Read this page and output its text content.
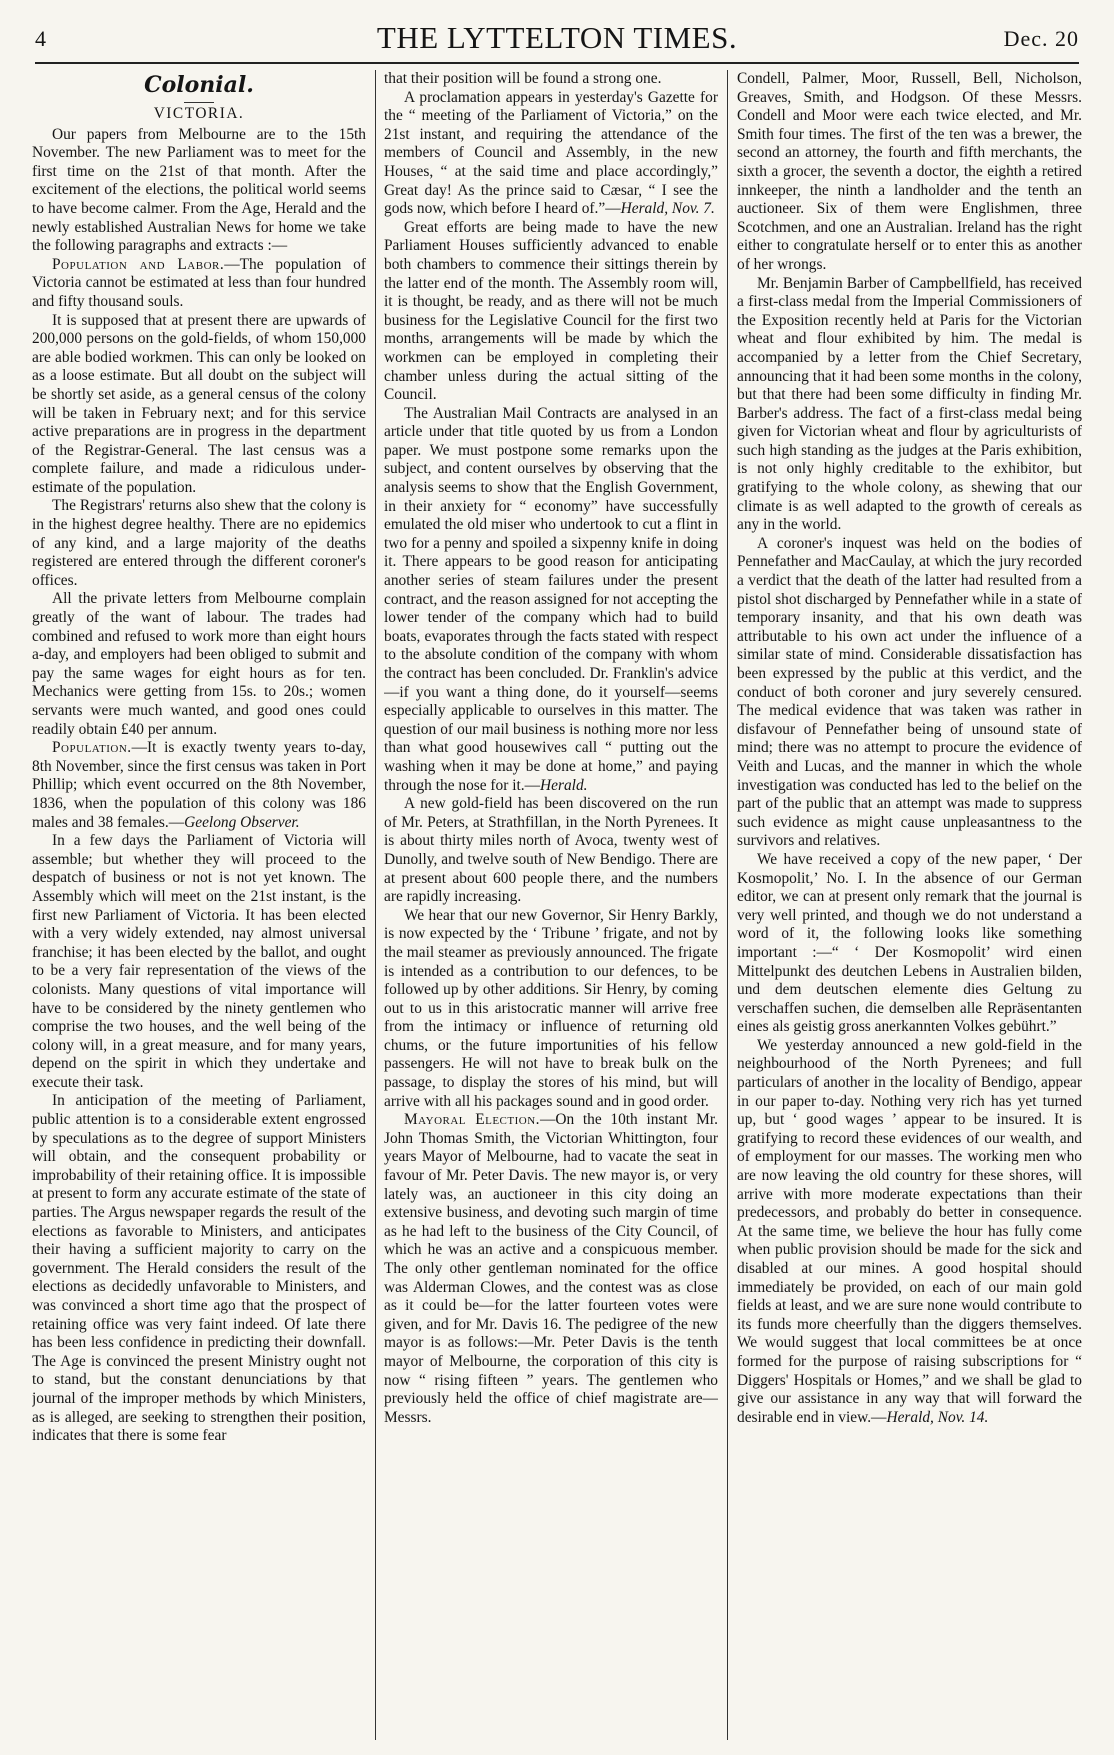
4	THE LYTTELTON TIMES.	Dec. 20
Colonial.
VICTORIA.

Our papers from Melbourne are to the 15th November. The new Parliament was to meet for the first time on the 21st of that month. After the excitement of the elections, the political world seems to have become calmer. From the Age, Herald and the newly established Australian News for home we take the following paragraphs and extracts :—

Population and Labor.—The population of Victoria cannot be estimated at less than four hundred and fifty thousand souls.

It is supposed that at present there are upwards of 200,000 persons on the gold-fields, of whom 150,000 are able bodied workmen. This can only be looked on as a loose estimate. But all doubt on the subject will be shortly set aside, as a general census of the colony will be taken in February next; and for this service active preparations are in progress in the department of the Registrar-General. The last census was a complete failure, and made a ridiculous under-estimate of the population.

The Registrars' returns also shew that the colony is in the highest degree healthy. There are no epidemics of any kind, and a large majority of the deaths registered are entered through the different coroner's offices.

All the private letters from Melbourne complain greatly of the want of labour. The trades had combined and refused to work more than eight hours a-day, and employers had been obliged to submit and pay the same wages for eight hours as for ten. Mechanics were getting from 15s. to 20s.; women servants were much wanted, and good ones could readily obtain £40 per annum.

Population.—It is exactly twenty years to-day, 8th November, since the first census was taken in Port Phillip; which event occurred on the 8th November, 1836, when the population of this colony was 186 males and 38 females.—Geelong Observer.

In a few days the Parliament of Victoria will assemble; but whether they will proceed to the despatch of business or not is not yet known. The Assembly which will meet on the 21st instant, is the first new Parliament of Victoria. It has been elected with a very widely extended, nay almost universal franchise; it has been elected by the ballot, and ought to be a very fair representation of the views of the colonists. Many questions of vital importance will have to be considered by the ninety gentlemen who comprise the two houses, and the well being of the colony will, in a great measure, and for many years, depend on the spirit in which they undertake and execute their task.

In anticipation of the meeting of Parliament, public attention is to a considerable extent engrossed by speculations as to the degree of support Ministers will obtain, and the consequent probability or improbability of their retaining office. It is impossible at present to form any accurate estimate of the state of parties. The Argus newspaper regards the result of the elections as favorable to Ministers, and anticipates their having a sufficient majority to carry on the government. The Herald considers the result of the elections as decidedly unfavorable to Ministers, and was convinced a short time ago that the prospect of retaining office was very faint indeed. Of late there has been less confidence in predicting their downfall. The Age is convinced the present Ministry ought not to stand, but the constant denunciations by that journal of the improper methods by which Ministers, as is alleged, are seeking to strengthen their position, indicates that there is some fear

that their position will be found a strong one.

A proclamation appears in yesterday's Gazette for the “ meeting of the Parliament of Victoria,” on the 21st instant, and requiring the attendance of the members of Council and Assembly, in the new Houses, “ at the said time and place accordingly,” Great day! As the prince said to Cæsar, “ I see the gods now, which before I heard of.”—Herald, Nov. 7.

Great efforts are being made to have the new Parliament Houses sufficiently advanced to enable both chambers to commence their sittings therein by the latter end of the month. The Assembly room will, it is thought, be ready, and as there will not be much business for the Legislative Council for the first two months, arrangements will be made by which the workmen can be employed in completing their chamber unless during the actual sitting of the Council.

The Australian Mail Contracts are analysed in an article under that title quoted by us from a London paper. We must postpone some remarks upon the subject, and content ourselves by observing that the analysis seems to show that the English Government, in their anxiety for “ economy” have successfully emulated the old miser who undertook to cut a flint in two for a penny and spoiled a sixpenny knife in doing it. There appears to be good reason for anticipating another series of steam failures under the present contract, and the reason assigned for not accepting the lower tender of the company which had to build boats, evaporates through the facts stated with respect to the absolute condition of the company with whom the contract has been concluded. Dr. Franklin's advice—if you want a thing done, do it yourself—seems especially applicable to ourselves in this matter. The question of our mail business is nothing more nor less than what good housewives call “ putting out the washing when it may be done at home,” and paying through the nose for it.—Herald.

A new gold-field has been discovered on the run of Mr. Peters, at Strathfillan, in the North Pyrenees. It is about thirty miles north of Avoca, twenty west of Dunolly, and twelve south of New Bendigo. There are at present about 600 people there, and the numbers are rapidly increasing.

We hear that our new Governor, Sir Henry Barkly, is now expected by the ‘ Tribune ’ frigate, and not by the mail steamer as previously announced. The frigate is intended as a contribution to our defences, to be followed up by other additions. Sir Henry, by coming out to us in this aristocratic manner will arrive free from the intimacy or influence of returning old chums, or the future importunities of his fellow passengers. He will not have to break bulk on the passage, to display the stores of his mind, but will arrive with all his packages sound and in good order.

Mayoral Election.—On the 10th instant Mr. John Thomas Smith, the Victorian Whittington, four years Mayor of Melbourne, had to vacate the seat in favour of Mr. Peter Davis. The new mayor is, or very lately was, an auctioneer in this city doing an extensive business, and devoting such margin of time as he had left to the business of the City Council, of which he was an active and a conspicuous member. The only other gentleman nominated for the office was Alderman Clowes, and the contest was as close as it could be—for the latter fourteen votes were given, and for Mr. Davis 16. The pedigree of the new mayor is as follows:—Mr. Peter Davis is the tenth mayor of Melbourne, the corporation of this city is now “ rising fifteen ” years. The gentlemen who previously held the office of chief magistrate are—Messrs.

Condell, Palmer, Moor, Russell, Bell, Nicholson, Greaves, Smith, and Hodgson. Of these Messrs. Condell and Moor were each twice elected, and Mr. Smith four times. The first of the ten was a brewer, the second an attorney, the fourth and fifth merchants, the sixth a grocer, the seventh a doctor, the eighth a retired innkeeper, the ninth a landholder and the tenth an auctioneer. Six of them were Englishmen, three Scotchmen, and one an Australian. Ireland has the right either to congratulate herself or to enter this as another of her wrongs.

Mr. Benjamin Barber of Campbellfield, has received a first-class medal from the Imperial Commissioners of the Exposition recently held at Paris for the Victorian wheat and flour exhibited by him. The medal is accompanied by a letter from the Chief Secretary, announcing that it had been some months in the colony, but that there had been some difficulty in finding Mr. Barber's address. The fact of a first-class medal being given for Victorian wheat and flour by agriculturists of such high standing as the judges at the Paris exhibition, is not only highly creditable to the exhibitor, but gratifying to the whole colony, as shewing that our climate is as well adapted to the growth of cereals as any in the world.

A coroner's inquest was held on the bodies of Pennefather and MacCaulay, at which the jury recorded a verdict that the death of the latter had resulted from a pistol shot discharged by Pennefather while in a state of temporary insanity, and that his own death was attributable to his own act under the influence of a similar state of mind. Considerable dissatisfaction has been expressed by the public at this verdict, and the conduct of both coroner and jury severely censured. The medical evidence that was taken was rather in disfavour of Pennefather being of unsound state of mind; there was no attempt to procure the evidence of Veith and Lucas, and the manner in which the whole investigation was conducted has led to the belief on the part of the public that an attempt was made to suppress such evidence as might cause unpleasantness to the survivors and relatives.

We have received a copy of the new paper, ‘ Der Kosmopolit,’ No. I. In the absence of our German editor, we can at present only remark that the journal is very well printed, and though we do not understand a word of it, the following looks like something important :—“ ‘ Der Kosmopolit’ wird einen Mittelpunkt des deutchen Lebens in Australien bilden, und dem deutschen elemente dies Geltung zu verschaffen suchen, die demselben alle Repräsentanten eines als geistig gross anerkannten Volkes gebührt.”

We yesterday announced a new gold-field in the neighbourhood of the North Pyrenees; and full particulars of another in the locality of Bendigo, appear in our paper to-day. Nothing very rich has yet turned up, but ‘ good wages ’ appear to be insured. It is gratifying to record these evidences of our wealth, and of employment for our masses. The working men who are now leaving the old country for these shores, will arrive with more moderate expectations than their predecessors, and probably do better in consequence. At the same time, we believe the hour has fully come when public provision should be made for the sick and disabled at our mines. A good hospital should immediately be provided, on each of our main gold fields at least, and we are sure none would contribute to its funds more cheerfully than the diggers themselves. We would suggest that local committees be at once formed for the purpose of raising subscriptions for “ Diggers' Hospitals or Homes,” and we shall be glad to give our assistance in any way that will forward the desirable end in view.—Herald, Nov. 14.
